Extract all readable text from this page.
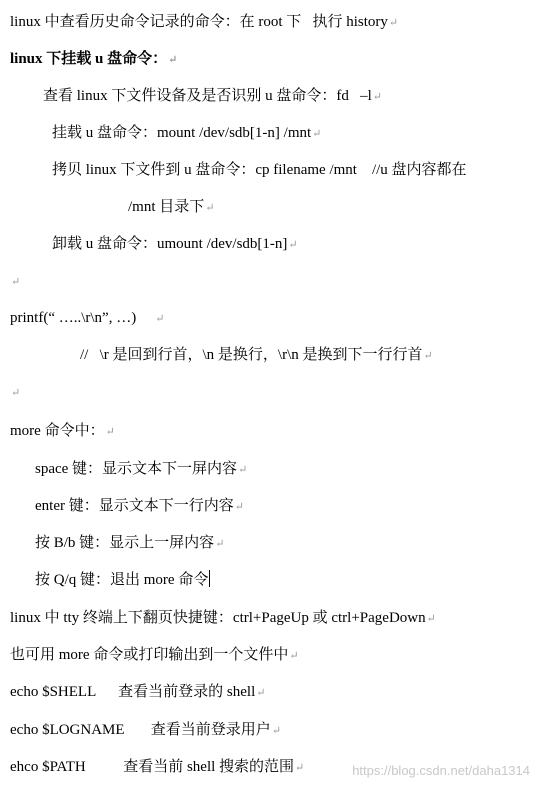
linux 中查看历史命令记录的命令：在 root 下   执行 history↵
linux 下挂载 u 盘命令：↵
查看 linux 下文件设备及是否识别 u 盘命令：fd   –l↵
挂载 u 盘命令：mount /dev/sdb[1-n] /mnt↵
拷贝 linux 下文件到 u 盘命令：cp filename /mnt    //u 盘内容都在
/mnt 目录下↵
卸载 u 盘命令：umount /dev/sdb[1-n]↵
↵
printf(“ …..\r\n”, …) ↵
//   \r 是回到行首，\n 是换行，\r\n 是换到下一行行首↵
↵
more 命令中：↵
space 键：显示文本下一屏内容↵
enter 键：显示文本下一行内容↵
按 B/b 键：显示上一屏内容↵
按 Q/q 键：退出 more 命令
linux 中 tty 终端上下翻页快捷键：ctrl+PageUp 或 ctrl+PageDown↵
也可用 more 命令或打印输出到一个文件中↵
echo $SHELL      查看当前登录的 shell↵
echo $LOGNAME       查看当前登录用户↵
ehco $PATH          查看当前 shell 搜索的范围↵	https://blog.csdn.net/daha1314
